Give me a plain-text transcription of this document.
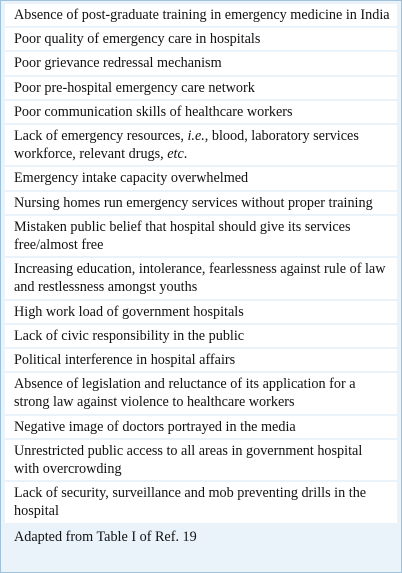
Absence of post-graduate training in emergency medicine in India
Poor quality of emergency care in hospitals
Poor grievance redressal mechanism
Poor pre-hospital emergency care network
Poor communication skills of healthcare workers
Lack of emergency resources, i.e., blood, laboratory services workforce, relevant drugs, etc.
Emergency intake capacity overwhelmed
Nursing homes run emergency services without proper training
Mistaken public belief that hospital should give its services free/almost free
Increasing education, intolerance, fearlessness against rule of law and restlessness amongst youths
High work load of government hospitals
Lack of civic responsibility in the public
Political interference in hospital affairs
Absence of legislation and reluctance of its application for a strong law against violence to healthcare workers
Negative image of doctors portrayed in the media
Unrestricted public access to all areas in government hospital with overcrowding
Lack of security, surveillance and mob preventing drills in the hospital
Adapted from Table I of Ref. 19
